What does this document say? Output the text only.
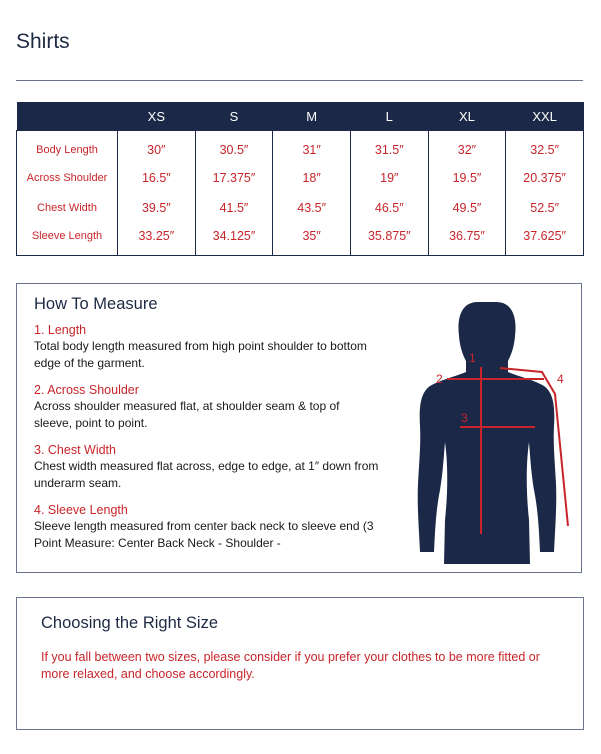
Shirts
	XS	S	M	L	XL	XXL
Body Length	30″	30.5″	31″	31.5″	32″	32.5″
Across Shoulder	16.5″	17.375″	18″	19″	19.5″	20.375″
Chest Width	39.5″	41.5″	43.5″	46.5″	49.5″	52.5″
Sleeve Length	33.25″	34.125″	35″	35.875″	36.75″	37.625″
How To Measure
1. Length
Total body length measured from high point shoulder to bottom edge of the garment.
2. Across Shoulder
Across shoulder measured flat, at shoulder seam & top of sleeve, point to point.
3. Chest Width
Chest width measured flat across, edge to edge, at 1″ down from underarm seam.
4. Sleeve Length
Sleeve length measured from center back neck to sleeve end (3 Point Measure: Center Back Neck - Shoulder -
1
2
3
4
Choosing the Right Size
If you fall between two sizes, please consider if you prefer your clothes to be more fitted or more relaxed, and choose accordingly.
